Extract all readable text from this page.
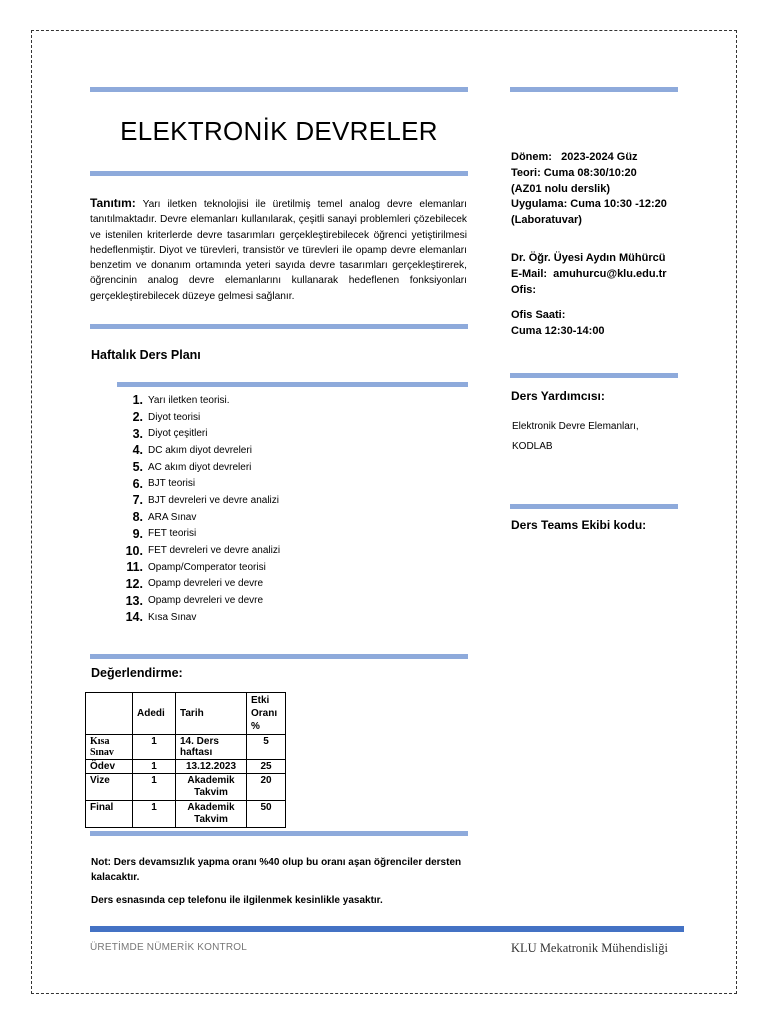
ELEKTRONİK DEVRELER
Tanıtım: Yarı iletken teknolojisi ile üretilmiş temel analog devre elemanları tanıtılmaktadır. Devre elemanları kullanılarak, çeşitli sanayi problemleri çözebilecek ve istenilen kriterlerde devre tasarımları gerçekleştirebilecek öğrenci yetiştirilmesi hedeflenmiştir. Diyot ve türevleri, transistör ve türevleri ile opamp devre elemanları benzetim ve donanım ortamında yeteri sayıda devre tasarımları gerçekleştirerek, öğrencinin analog devre elemanlarını kullanarak hedeflenen fonksiyonları gerçekleştirebilecek düzeye gelmesi sağlanır.
Haftalık Ders Planı
1. Yarı iletken teorisi.
2. Diyot teorisi
3. Diyot çeşitleri
4. DC akım diyot devreleri
5. AC akım diyot devreleri
6. BJT teorisi
7. BJT devreleri ve devre analizi
8. ARA Sınav
9. FET teorisi
10. FET devreleri ve devre analizi
11. Opamp/Comperator teorisi
12. Opamp devreleri ve devre
13. Opamp devreleri ve devre
14. Kısa Sınav
Değerlendirme:
	Adedi	Tarih	Etki Oranı %
Kısa Sınav	1	14. Ders haftası	5
Ödev	1	13.12.2023	25
Vize	1	Akademik Takvim	20
Final	1	Akademik Takvim	50
Not: Ders devamsızlık yapma oranı %40 olup bu oranı aşan öğrenciler dersten kalacaktır.
Ders esnasında cep telefonu ile ilgilenmek kesinlikle yasaktır.
Dönem:   2023-2024 Güz
Teori: Cuma 08:30/10:20
(AZ01 nolu derslik)
Uygulama: Cuma 10:30 -12:20
(Laboratuvar)
Dr. Öğr. Üyesi Aydın Mühürcü
E-Mail:  amuhurcu@klu.edu.tr
Ofis:
Ofis Saati:
Cuma 12:30-14:00
Ders Yardımcısı:
Elektronik Devre Elemanları,
KODLAB
Ders Teams Ekibi kodu:
ÜRETİMDE NÜMERİK KONTROL	KLU Mekatronik Mühendisliği
